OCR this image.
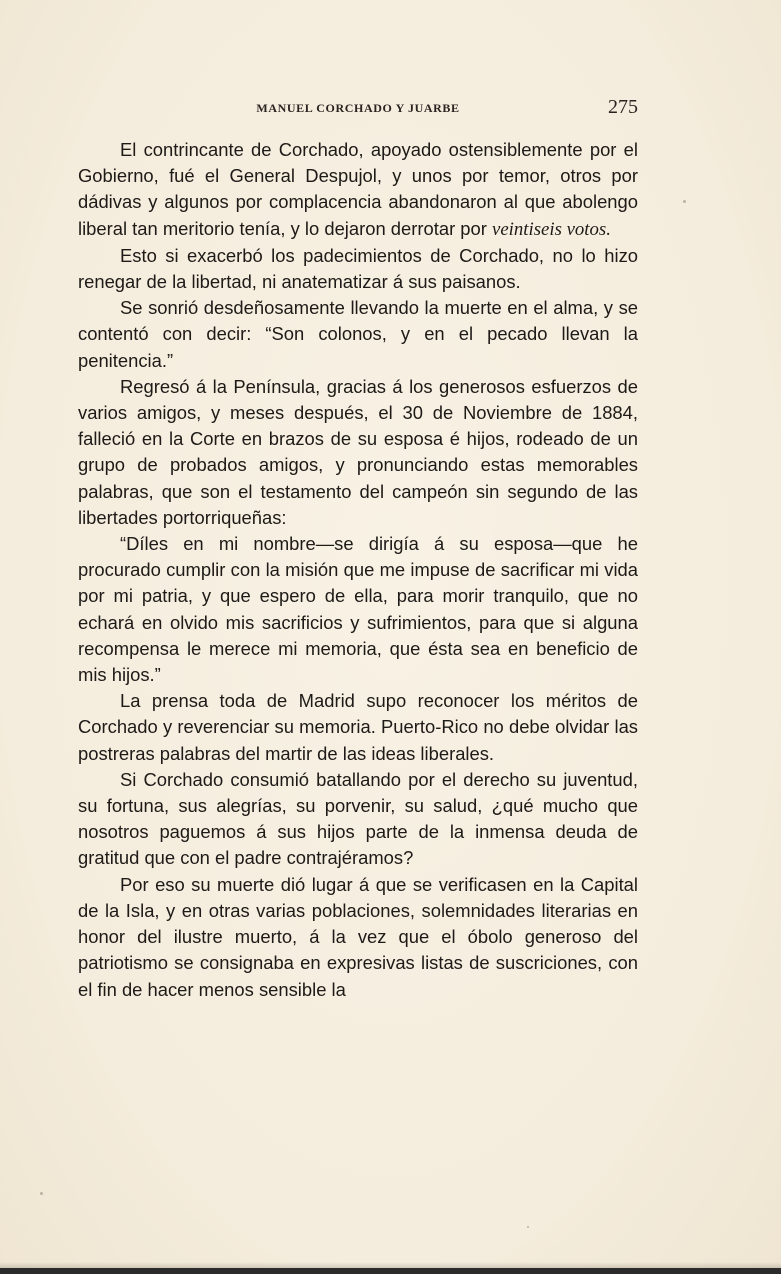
MANUEL CORCHADO Y JUARBE	275

El contrincante de Corchado, apoyado ostensiblemente por el Gobierno, fué el General Despujol, y unos por temor, otros por dádivas y algunos por complacencia abandonaron al que abolengo liberal tan meritorio tenía, y lo dejaron derrotar por veintiseis votos.

Esto si exacerbó los padecimientos de Corchado, no lo hizo renegar de la libertad, ni anatematizar á sus paisanos.

Se sonrió desdeñosamente llevando la muerte en el alma, y se contentó con decir: “Son colonos, y en el pecado llevan la penitencia.”

Regresó á la Península, gracias á los generosos esfuerzos de varios amigos, y meses después, el 30 de Noviembre de 1884, falleció en la Corte en brazos de su esposa é hijos, rodeado de un grupo de probados amigos, y pronunciando estas memorables palabras, que son el testamento del campeón sin segundo de las libertades portorriqueñas:

“Díles en mi nombre—se dirigía á su esposa—que he procurado cumplir con la misión que me impuse de sacrificar mi vida por mi patria, y que espero de ella, para morir tranquilo, que no echará en olvido mis sacrificios y sufrimientos, para que si alguna recompensa le merece mi memoria, que ésta sea en beneficio de mis hijos.”

La prensa toda de Madrid supo reconocer los méritos de Corchado y reverenciar su memoria. Puerto-Rico no debe olvidar las postreras palabras del martir de las ideas liberales.

Si Corchado consumió batallando por el derecho su juventud, su fortuna, sus alegrías, su porvenir, su salud, ¿qué mucho que nosotros paguemos á sus hijos parte de la inmensa deuda de gratitud que con el padre contrajéramos?

Por eso su muerte dió lugar á que se verificasen en la Capital de la Isla, y en otras varias poblaciones, solemnidades literarias en honor del ilustre muerto, á la vez que el óbolo generoso del patriotismo se consignaba en expresivas listas de suscriciones, con el fin de hacer menos sensible la
